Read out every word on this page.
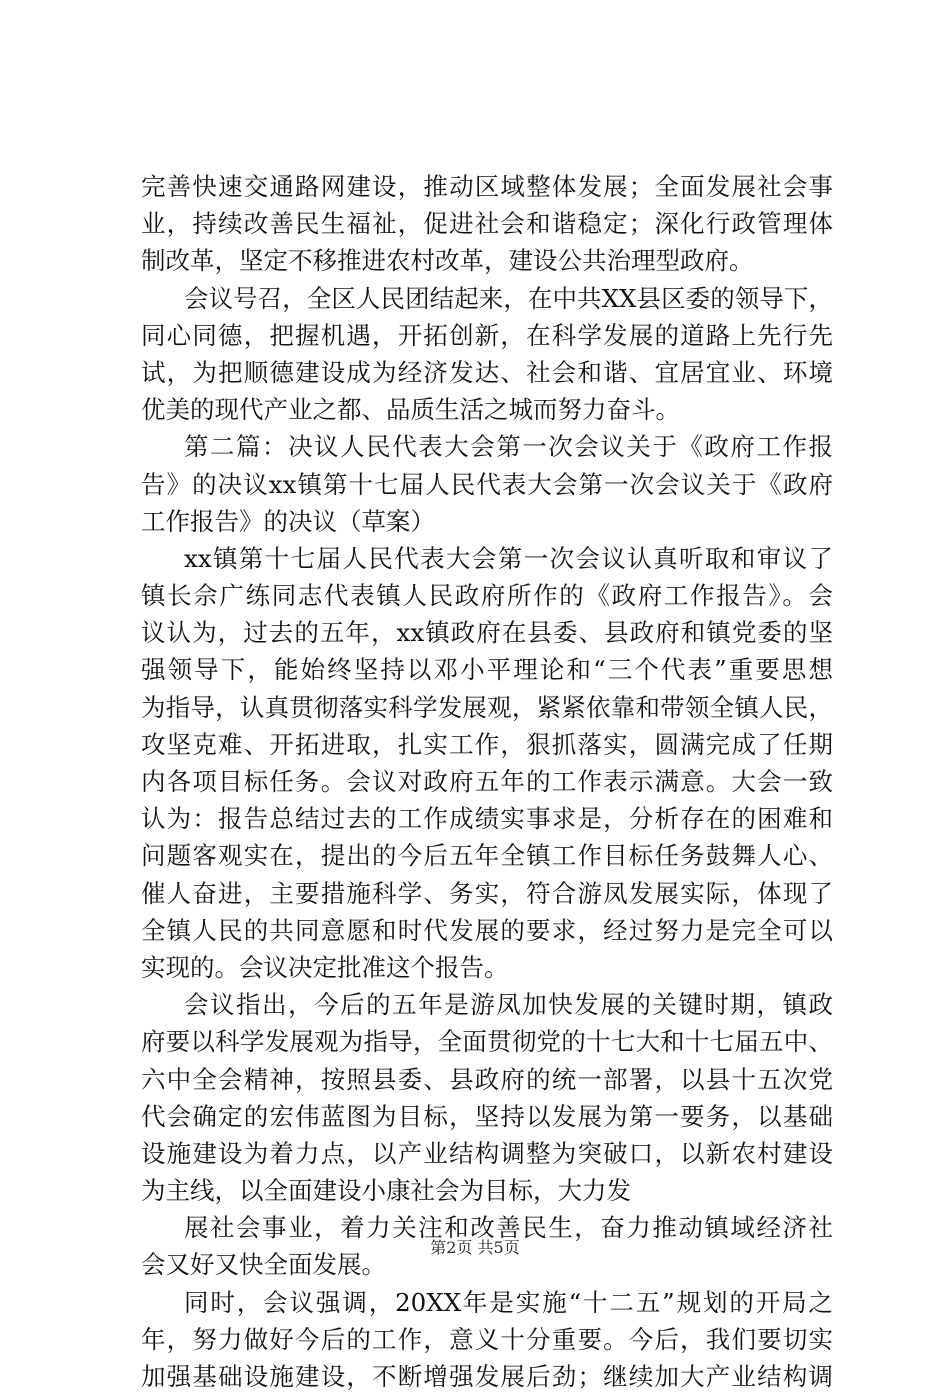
完善快速交通路网建设，推动区域整体发展；全面发展社会事
业，持续改善民生福祉，促进社会和谐稳定；深化行政管理体
制改革，坚定不移推进农村改革，建设公共治理型政府。
会议号召，全区人民团结起来，在中共XX县区委的领导下，
同心同德，把握机遇，开拓创新，在科学发展的道路上先行先
试，为把顺德建设成为经济发达、社会和谐、宜居宜业、环境
优美的现代产业之都、品质生活之城而努力奋斗。
第二篇：决议人民代表大会第一次会议关于《政府工作报
告》的决议xx镇第十七届人民代表大会第一次会议关于《政府
工作报告》的决议（草案）
xx镇第十七届人民代表大会第一次会议认真听取和审议了
镇长佘广练同志代表镇人民政府所作的《政府工作报告》。会
议认为，过去的五年，xx镇政府在县委、县政府和镇党委的坚
强领导下，能始终坚持以邓小平理论和“三个代表”重要思想
为指导，认真贯彻落实科学发展观，紧紧依靠和带领全镇人民，
攻坚克难、开拓进取，扎实工作，狠抓落实，圆满完成了任期
内各项目标任务。会议对政府五年的工作表示满意。大会一致
认为：报告总结过去的工作成绩实事求是，分析存在的困难和
问题客观实在，提出的今后五年全镇工作目标任务鼓舞人心、
催人奋进，主要措施科学、务实，符合游凤发展实际，体现了
全镇人民的共同意愿和时代发展的要求，经过努力是完全可以
实现的。会议决定批准这个报告。
会议指出，今后的五年是游凤加快发展的关键时期，镇政
府要以科学发展观为指导，全面贯彻党的十七大和十七届五中、
六中全会精神，按照县委、县政府的统一部署，以县十五次党
代会确定的宏伟蓝图为目标，坚持以发展为第一要务，以基础
设施建设为着力点，以产业结构调整为突破口，以新农村建设
为主线，以全面建设小康社会为目标，大力发
展社会事业，着力关注和改善民生，奋力推动镇域经济社
会又好又快全面发展。
同时，会议强调，20XX年是实施“十二五”规划的开局之
年，努力做好今后的工作，意义十分重要。今后，我们要切实
加强基础设施建设，不断增强发展后劲；继续加大产业结构调
第2页 共5页
